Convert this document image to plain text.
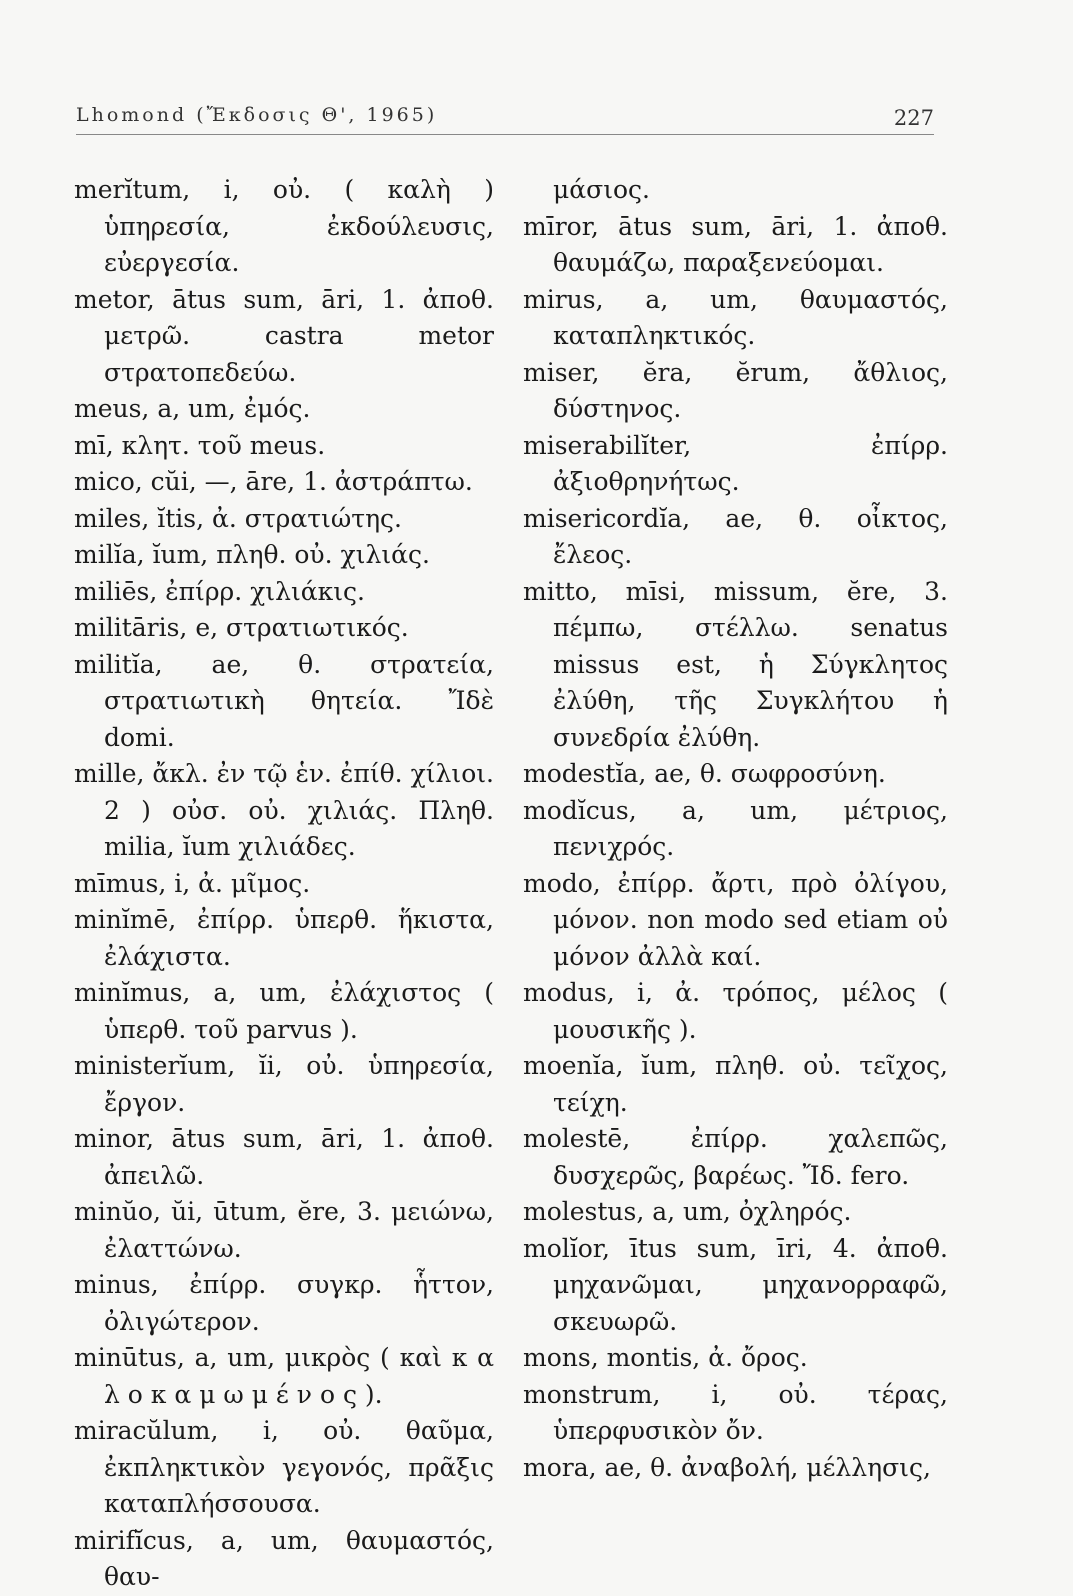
Lhomond (Ἔκδοσις Θ', 1965)	227

merĭtum, i, οὐ. ( καλὴ ) ὑπηρεσία, ἐκδούλευσις, εὐεργεσία.

metor, ātus sum, āri, 1. ἀποθ. μετρῶ. castra metor στρατοπεδεύω.

meus, a, um, ἐμός.

mī, κλητ. τοῦ meus.

mico, cŭi, —, āre, 1. ἀστράπτω.

miles, ĭtis, ἀ. στρατιώτης.

milĭa, ĭum, πληθ. οὐ. χιλιάς.

miliēs, ἐπίρρ. χιλιάκις.

militāris, e, στρατιωτικός.

militĭa, ae, θ. στρατεία, στρατιωτικὴ θητεία. Ἴδὲ domi.

mille, ἄκλ. ἐν τῷ ἑν. ἐπίθ. χίλιοι. 2 ) οὐσ. οὐ. χιλιάς. Πληθ. milia, ĭum χιλιάδες.

mīmus, i, ἀ. μῖμος.

minĭmē, ἐπίρρ. ὑπερθ. ἥκιστα, ἐλάχιστα.

minĭmus, a, um, ἐλάχιστος ( ὑπερθ. τοῦ parvus ).

ministerĭum, ĭi, οὐ. ὑπηρεσία, ἔργον.

minor, ātus sum, āri, 1. ἀποθ. ἀπειλῶ.

minŭo, ŭi, ūtum, ĕre, 3. μειώνω, ἐλαττώνω.

minus, ἐπίρρ. συγκρ. ἧττον, ὀλιγώτερον.

minūtus, a, um, μικρὸς ( καὶ κ α λ ο κ α μ ω μ έ ν ο ς ).

miracŭlum, i, οὐ. θαῦμα, ἐκπληκτικὸν γεγονός, πρᾶξις καταπλήσσουσα.

mirifĭcus, a, um, θαυμαστός, θαυ-

μάσιος.

mīror, ātus sum, āri, 1. ἀποθ. θαυμάζω, παραξενεύομαι.

mirus, a, um, θαυμαστός, καταπληκτικός.

miser, ĕra, ĕrum, ἄθλιος, δύστηνος.

miserabilĭter, ἐπίρρ. ἀξιοθρηνήτως.

misericordĭa, ae, θ. οἶκτος, ἔλεος.

mitto, mīsi, missum, ĕre, 3. πέμπω, στέλλω. senatus missus est, ἡ Σύγκλητος ἐλύθη, τῆς Συγκλήτου ἡ συνεδρία ἐλύθη.

modestĭa, ae, θ. σωφροσύνη.

modĭcus, a, um, μέτριος, πενιχρός.

modo, ἐπίρρ. ἄρτι, πρὸ ὀλίγου, μόνον. non modo sed etiam οὐ μόνον ἀλλὰ καί.

modus, i, ἀ. τρόπος, μέλος ( μουσικῆς ).

moenĭa, ĭum, πληθ. οὐ. τεῖχος, τείχη.

molestē, ἐπίρρ. χαλεπῶς, δυσχερῶς, βαρέως. Ἴδ. fero.

molestus, a, um, ὀχληρός.

molĭor, ītus sum, īri, 4. ἀποθ. μηχανῶμαι, μηχανορραφῶ, σκευωρῶ.

mons, montis, ἀ. ὄρος.

monstrum, i, οὐ. τέρας, ὑπερφυσικὸν ὄν.

mora, ae, θ. ἀναβολή, μέλλησις,
